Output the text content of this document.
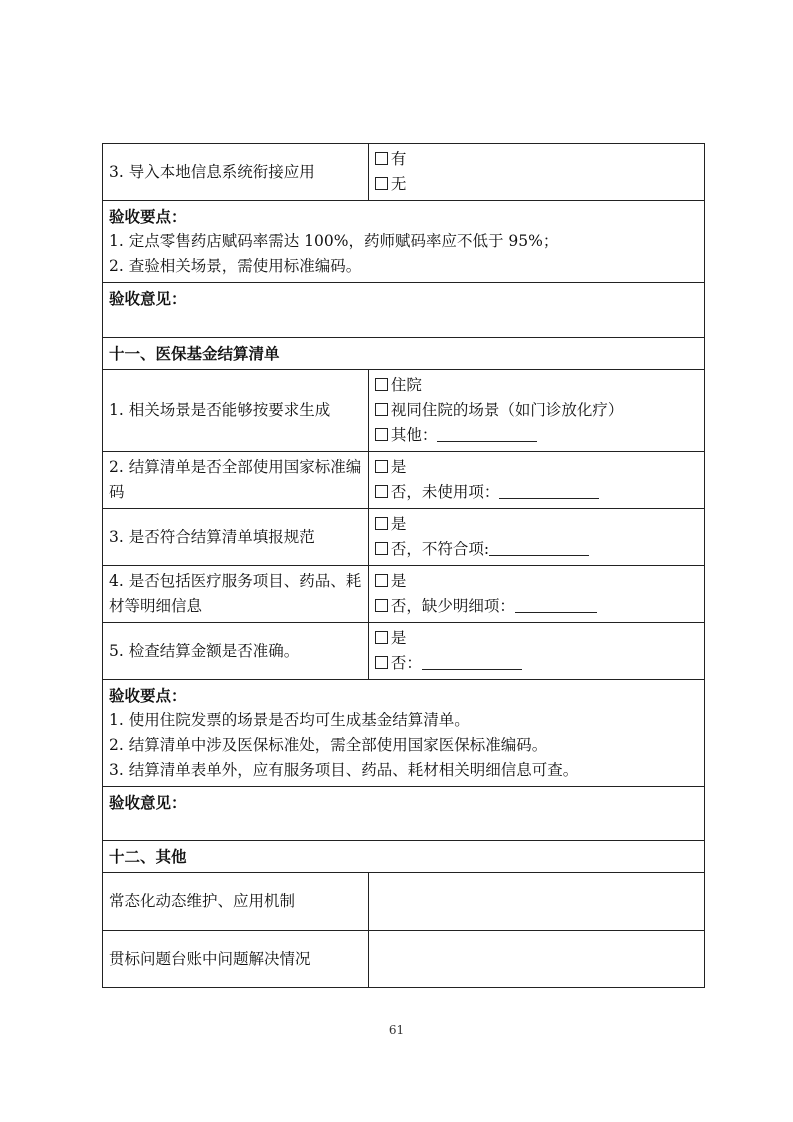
3. 导入本地信息系统衔接应用	有
无

验收要点：
1. 定点零售药店赋码率需达 100%，药师赋码率应不低于 95%；
2. 查验相关场景，需使用标准编码。	

验收意见：	

十一、医保基金结算清单	
1. 相关场景是否能够按要求生成	住院
视同住院的场景（如门诊放化疗）
其他：

2. 结算清单是否全部使用国家标准编码	是
否，未使用项：

3. 是否符合结算清单填报规范	是
否，不符合项:

4. 是否包括医疗服务项目、药品、耗材等明细信息	是
否，缺少明细项：

5. 检查结算金额是否准确。	是
否：

验收要点：
1. 使用住院发票的场景是否均可生成基金结算清单。
2. 结算清单中涉及医保标准处，需全部使用国家医保标准编码。
3. 结算清单表单外，应有服务项目、药品、耗材相关明细信息可查。	

验收意见：	

十二、其他	
常态化动态维护、应用机制	
贯标问题台账中问题解决情况	
61
